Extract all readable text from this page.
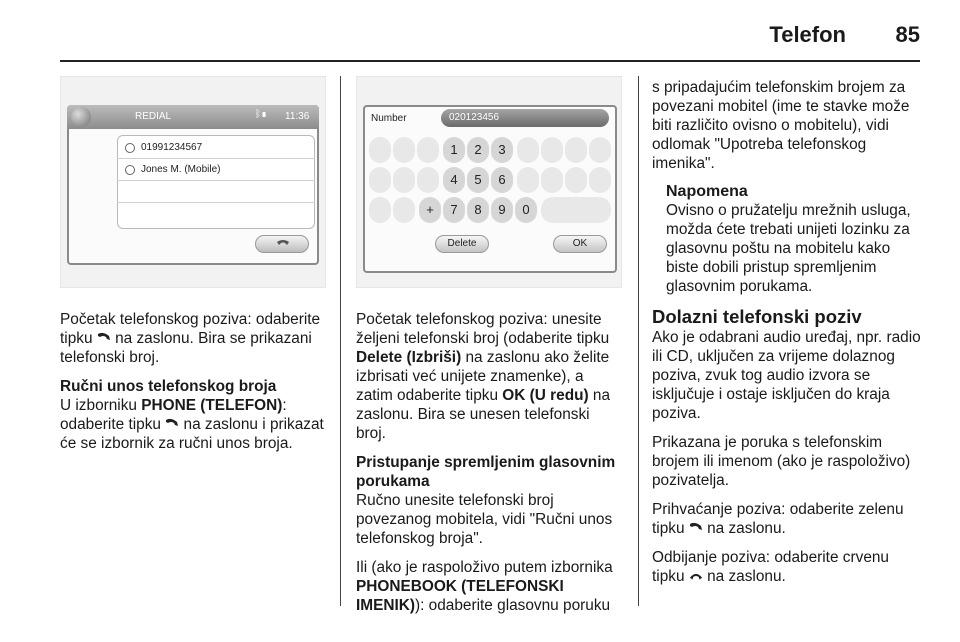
Telefon 85
REDIAL	ᛒ▮ 11:36
01991234567
Jones M. (Mobile)

Početak telefonskog poziva: odaberite tipku  na zaslonu. Bira se prikazani telefonski broj.

Ručni unos telefonskog broja

U izborniku PHONE (TELEFON): odaberite tipku  na zaslonu i prikazat će se izbornik za ručni unos broja.

Number	020123456
1	2	3
4	5	6
+	7	8	9	0
Delete	OK

Početak telefonskog poziva: unesite željeni telefonski broj (odaberite tipku Delete (Izbriši) na zaslonu ako želite izbrisati već unijete znamenke), a zatim odaberite tipku OK (U redu) na zaslonu. Bira se unesen telefonski broj.

Pristupanje spremljenim glasovnim porukama

Ručno unesite telefonski broj povezanog mobitela, vidi "Ručni unos telefonskog broja".

Ili (ako je raspoloživo putem izbornika PHONEBOOK (TELEFONSKI IMENIK)): odaberite glasovnu poruku

s pripadajućim telefonskim brojem za povezani mobitel (ime te stavke može biti različito ovisno o mobitelu), vidi odlomak "Upotreba telefonskog imenika".

Napomena

Ovisno o pružatelju mrežnih usluga, možda ćete trebati unijeti lozinku za glasovnu poštu na mobitelu kako biste dobili pristup spremljenim glasovnim porukama.

Dolazni telefonski poziv

Ako je odabrani audio uređaj, npr. radio ili CD, uključen za vrijeme dolaznog poziva, zvuk tog audio izvora se isključuje i ostaje isključen do kraja poziva.

Prikazana je poruka s telefonskim brojem ili imenom (ako je raspoloživo) pozivatelja.

Prihvaćanje poziva: odaberite zelenu tipku  na zaslonu.

Odbijanje poziva: odaberite crvenu tipku  na zaslonu.
